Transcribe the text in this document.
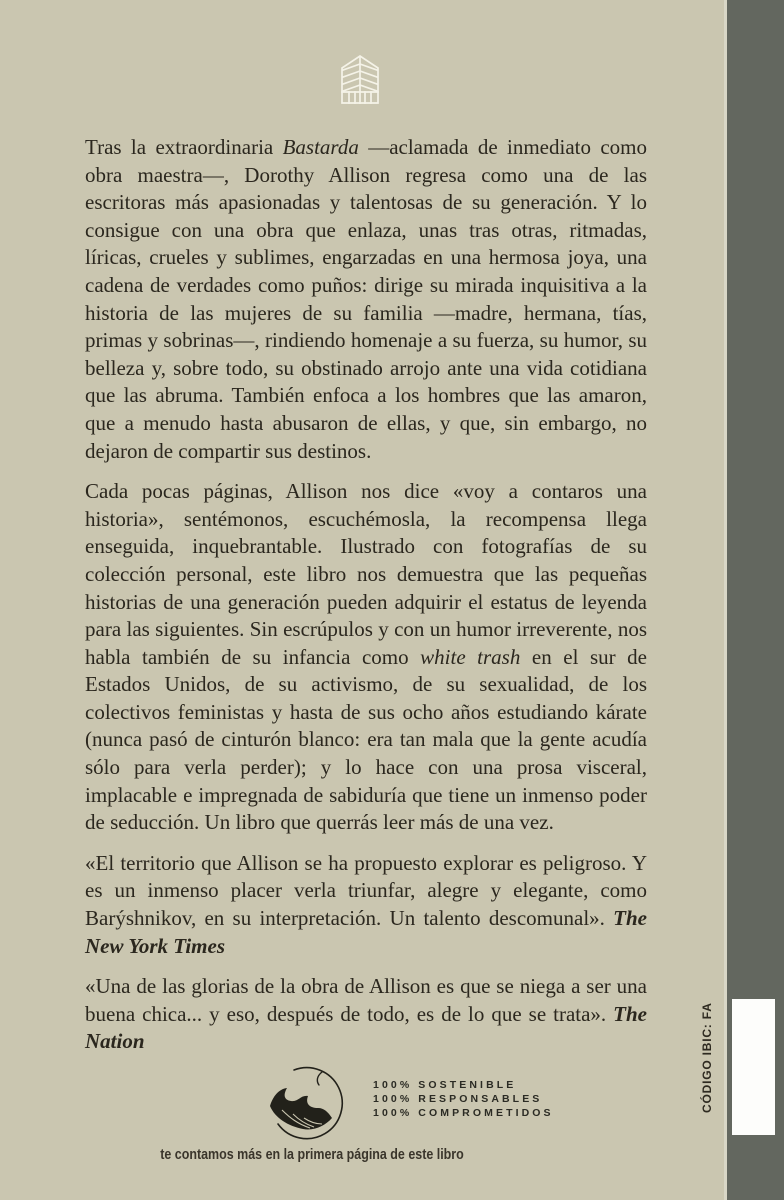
CÓDIGO IBIC: FA

Tras la extraordinaria Bastarda —aclamada de inmediato como obra maestra—, Dorothy Allison regresa como una de las escritoras más apasionadas y talentosas de su generación. Y lo consigue con una obra que enlaza, unas tras otras, ritmadas, líricas, crueles y sublimes, engarzadas en una hermosa joya, una cadena de verdades como puños: dirige su mirada inquisitiva a la historia de las mujeres de su familia —madre, hermana, tías, primas y sobrinas—, rindiendo homenaje a su fuerza, su humor, su belleza y, sobre todo, su obstinado arrojo ante una vida cotidiana que las abruma. También enfoca a los hombres que las amaron, que a menudo hasta abusaron de ellas, y que, sin embargo, no dejaron de compartir sus destinos.

Cada pocas páginas, Allison nos dice «voy a contaros una historia», sentémonos, escuchémosla, la recompensa llega enseguida, inquebrantable. Ilustrado con fotografías de su colección personal, este libro nos demuestra que las pequeñas historias de una generación pueden adquirir el estatus de leyenda para las siguientes. Sin escrúpulos y con un humor irreverente, nos habla también de su infancia como white trash en el sur de Estados Unidos, de su activismo, de su sexualidad, de los colectivos feministas y hasta de sus ocho años estudiando kárate (nunca pasó de cinturón blanco: era tan mala que la gente acudía sólo para verla perder); y lo hace con una prosa visceral, implacable e impregnada de sabiduría que tiene un inmenso poder de seducción. Un libro que querrás leer más de una vez.

«El territorio que Allison se ha propuesto explorar es peligroso. Y es un inmenso placer verla triunfar, alegre y elegante, como Barýshnikov, en su interpretación. Un talento descomunal». The New York Times

«Una de las glorias de la obra de Allison es que se niega a ser una buena chica... y eso, después de todo, es de lo que se trata». The Nation

100% SOSTENIBLE
100% RESPONSABLES
100% COMPROMETIDOS
te contamos más en la primera página de este libro
